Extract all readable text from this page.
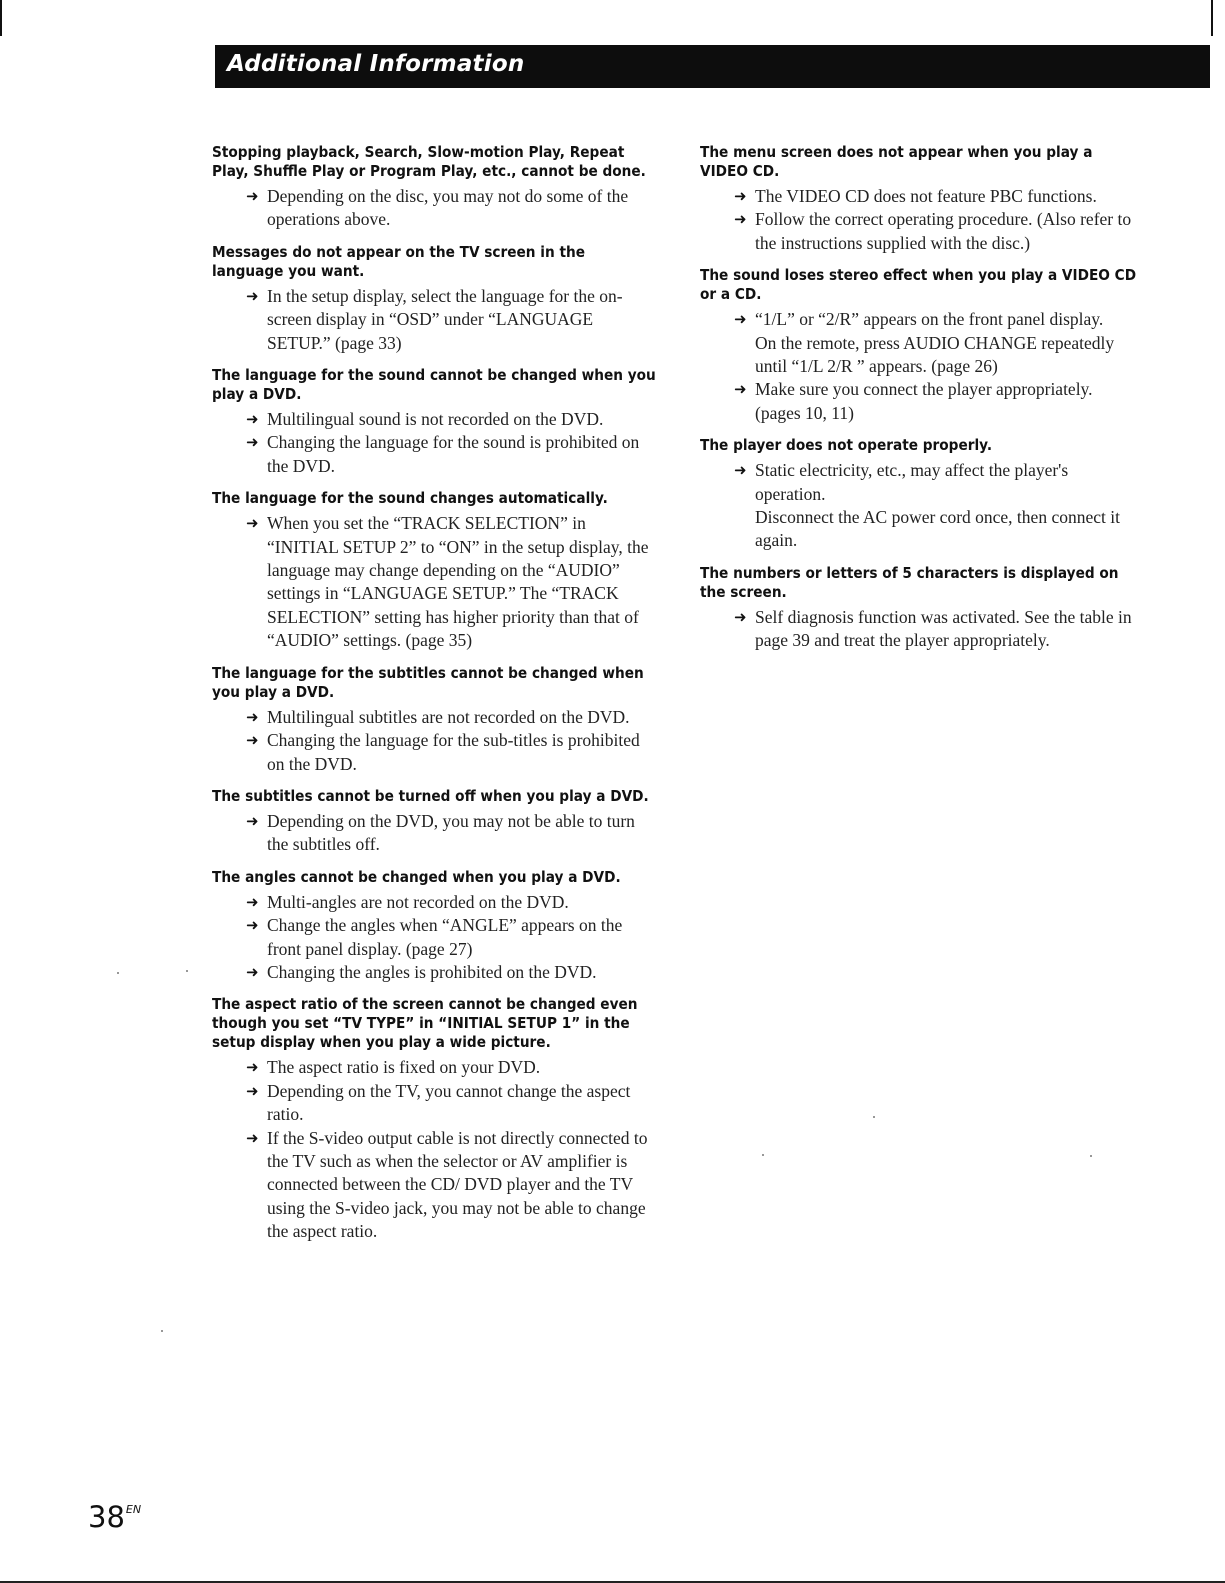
Additional Information
Stopping playback, Search, Slow-motion Play, Repeat Play, Shuffle Play or Program Play, etc., cannot be done.
➜ Depending on the disc, you may not do some of the operations above.
Messages do not appear on the TV screen in the language you want.
➜ In the setup display, select the language for the on-screen display in “OSD” under “LANGUAGE SETUP.” (page 33)
The language for the sound cannot be changed when you play a DVD.
➜ Multilingual sound is not recorded on the DVD.
➜ Changing the language for the sound is prohibited on the DVD.
The language for the sound changes automatically.
➜ When you set the “TRACK SELECTION” in “INITIAL SETUP 2” to “ON” in the setup display, the language may change depending on the “AUDIO” settings in “LANGUAGE SETUP.” The “TRACK SELECTION” setting has higher priority than that of “AUDIO” settings. (page 35)
The language for the subtitles cannot be changed when you play a DVD.
➜ Multilingual subtitles are not recorded on the DVD.
➜ Changing the language for the sub-titles is prohibited on the DVD.
The subtitles cannot be turned off when you play a DVD.
➜ Depending on the DVD, you may not be able to turn the subtitles off.
The angles cannot be changed when you play a DVD.
➜ Multi-angles are not recorded on the DVD.
➜ Change the angles when “ANGLE” appears on the front panel display. (page 27)
➜ Changing the angles is prohibited on the DVD.
The aspect ratio of the screen cannot be changed even though you set “TV TYPE” in “INITIAL SETUP 1” in the setup display when you play a wide picture.
➜ The aspect ratio is fixed on your DVD.
➜ Depending on the TV, you cannot change the aspect ratio.
➜ If the S-video output cable is not directly connected to the TV such as when the selector or AV amplifier is connected between the CD/ DVD player and the TV using the S-video jack, you may not be able to change the aspect ratio.
The menu screen does not appear when you play a VIDEO CD.
➜ The VIDEO CD does not feature PBC functions.
➜ Follow the correct operating procedure. (Also refer to the instructions supplied with the disc.)
The sound loses stereo effect when you play a VIDEO CD or a CD.
➜ “1/L” or “2/R” appears on the front panel display.
On the remote, press AUDIO CHANGE repeatedly until “1/L 2/R ” appears. (page 26)
➜ Make sure you connect the player appropriately. (pages 10, 11)
The player does not operate properly.
➜ Static electricity, etc., may affect the player's operation.
Disconnect the AC power cord once, then connect it again.
The numbers or letters of 5 characters is displayed on the screen.
➜ Self diagnosis function was activated. See the table in page 39 and treat the player appropriately.
$38^{EN}$
